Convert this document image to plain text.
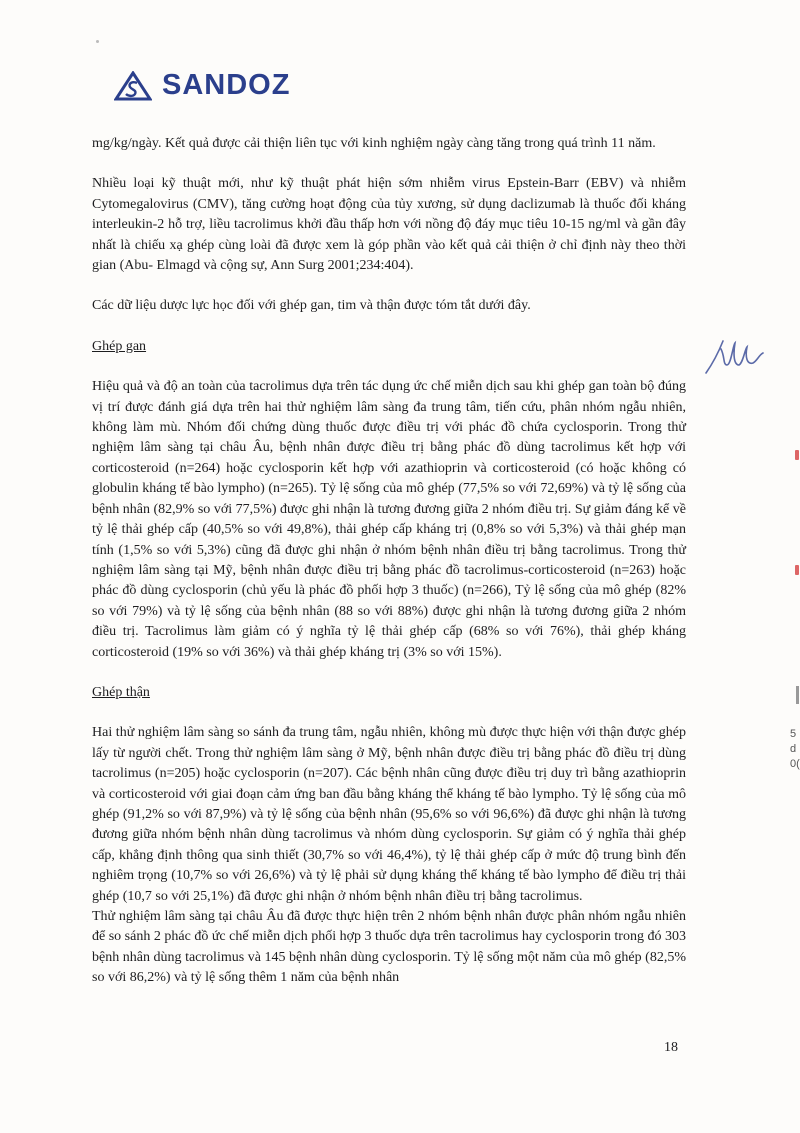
SANDOZ

mg/kg/ngày. Kết quả được cải thiện liên tục với kinh nghiệm ngày càng tăng trong quá trình 11 năm.

Nhiều loại kỹ thuật mới, như kỹ thuật phát hiện sớm nhiễm virus Epstein-Barr (EBV) và nhiễm Cytomegalovirus (CMV), tăng cường hoạt động của tủy xương, sử dụng daclizumab là thuốc đối kháng interleukin-2 hỗ trợ, liều tacrolimus khởi đầu thấp hơn với nồng độ đáy mục tiêu 10-15 ng/ml và gần đây nhất là chiếu xạ ghép cùng loài đã được xem là góp phần vào kết quả cải thiện ở chỉ định này theo thời gian (Abu- Elmagd và cộng sự, Ann Surg 2001;234:404).

Các dữ liệu dược lực học đối với ghép gan, tim và thận được tóm tắt dưới đây.

Ghép gan

Hiệu quả và độ an toàn của tacrolimus dựa trên tác dụng ức chế miễn dịch sau khi ghép gan toàn bộ đúng vị trí được đánh giá dựa trên hai thử nghiệm lâm sàng đa trung tâm, tiến cứu, phân nhóm ngẫu nhiên, không làm mù. Nhóm đối chứng dùng thuốc được điều trị với phác đồ chứa cyclosporin. Trong thử nghiệm lâm sàng tại châu Âu, bệnh nhân được điều trị bằng phác đồ dùng tacrolimus kết hợp với corticosteroid (n=264) hoặc cyclosporin kết hợp với azathioprin và corticosteroid (có hoặc không có globulin kháng tế bào lympho) (n=265). Tỷ lệ sống của mô ghép (77,5% so với 72,69%) và tỷ lệ sống của bệnh nhân (82,9% so với 77,5%) được ghi nhận là tương đương giữa 2 nhóm điều trị. Sự giảm đáng kể về tỷ lệ thải ghép cấp (40,5% so với 49,8%), thải ghép cấp kháng trị (0,8% so với 5,3%) và thải ghép mạn tính (1,5% so với 5,3%) cũng đã được ghi nhận ở nhóm bệnh nhân điều trị bằng tacrolimus. Trong thử nghiệm lâm sàng tại Mỹ, bệnh nhân được điều trị bằng phác đồ tacrolimus-corticosteroid (n=263) hoặc phác đồ dùng cyclosporin (chủ yếu là phác đồ phối hợp 3 thuốc) (n=266), Tỷ lệ sống của mô ghép (82% so với 79%) và tỷ lệ sống của bệnh nhân (88 so với 88%) được ghi nhận là tương đương giữa 2 nhóm điều trị. Tacrolimus làm giảm có ý nghĩa tỷ lệ thải ghép cấp (68% so với 76%), thải ghép kháng corticosteroid (19% so với 36%) và thải ghép kháng trị (3% so với 15%).

Ghép thận

Hai thử nghiệm lâm sàng so sánh đa trung tâm, ngẫu nhiên, không mù được thực hiện với thận được ghép lấy từ người chết. Trong thử nghiệm lâm sàng ở Mỹ, bệnh nhân được điều trị bằng phác đồ điều trị dùng tacrolimus (n=205) hoặc cyclosporin (n=207). Các bệnh nhân cũng được điều trị duy trì bằng azathioprin và corticosteroid với giai đoạn cảm ứng ban đầu bằng kháng thể kháng tế bào lympho. Tỷ lệ sống của mô ghép (91,2% so với 87,9%) và tỷ lệ sống của bệnh nhân (95,6% so với 96,6%) đã được ghi nhận là tương đương giữa nhóm bệnh nhân dùng tacrolimus và nhóm dùng cyclosporin. Sự giảm có ý nghĩa thải ghép cấp, khẳng định thông qua sinh thiết (30,7% so với 46,4%), tỷ lệ thải ghép cấp ở mức độ trung bình đến nghiêm trọng (10,7% so với 26,6%) và tỷ lệ phải sử dụng kháng thể kháng tế bào lympho để điều trị thải ghép (10,7 so với 25,1%) đã được ghi nhận ở nhóm bệnh nhân điều trị bằng tacrolimus.

Thử nghiệm lâm sàng tại châu Âu đã được thực hiện trên 2 nhóm bệnh nhân được phân nhóm ngẫu nhiên để so sánh 2 phác đồ ức chế miễn dịch phối hợp 3 thuốc dựa trên tacrolimus hay cyclosporin trong đó 303 bệnh nhân dùng tacrolimus và 145 bệnh nhân dùng cyclosporin. Tỷ lệ sống một năm của mô ghép (82,5% so với 86,2%) và tỷ lệ sống thêm 1 năm của bệnh nhân

5
d
0(
18
